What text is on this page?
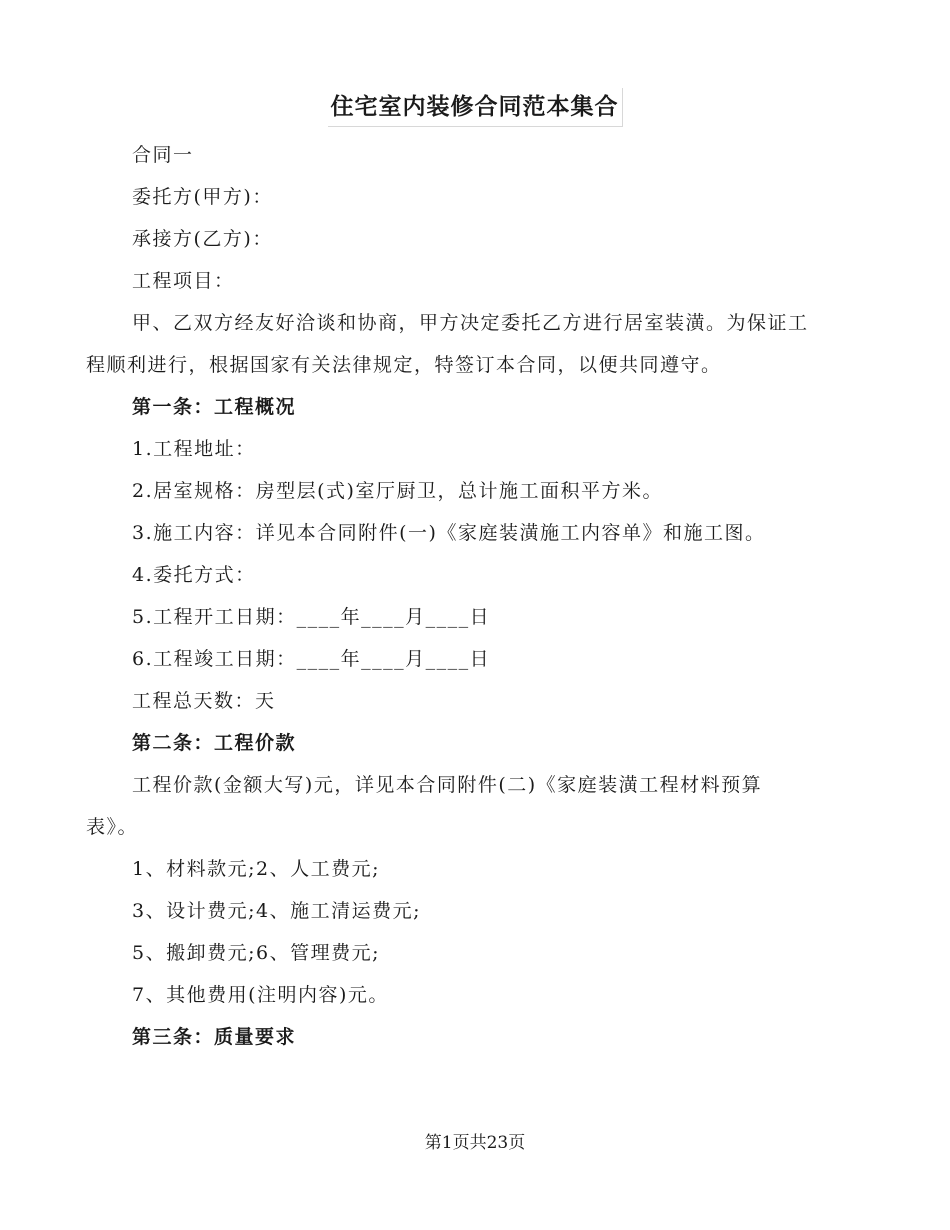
住宅室内装修合同范本集合

合同一

委托方(甲方)：

承接方(乙方)：

工程项目：

甲、乙双方经友好洽谈和协商，甲方决定委托乙方进行居室装潢。为保证工

程顺利进行，根据国家有关法律规定，特签订本合同，以便共同遵守。

第一条：工程概况

1.工程地址：

2.居室规格：房型层(式)室厅厨卫，总计施工面积平方米。

3.施工内容：详见本合同附件(一)《家庭装潢施工内容单》和施工图。

4.委托方式：

5.工程开工日期：____年____月____日

6.工程竣工日期：____年____月____日

工程总天数：天

第二条：工程价款

工程价款(金额大写)元，详见本合同附件(二)《家庭装潢工程材料预算

表》。

1、材料款元;2、人工费元;

3、设计费元;4、施工清运费元;

5、搬卸费元;6、管理费元;

7、其他费用(注明内容)元。

第三条：质量要求

第1页共23页
